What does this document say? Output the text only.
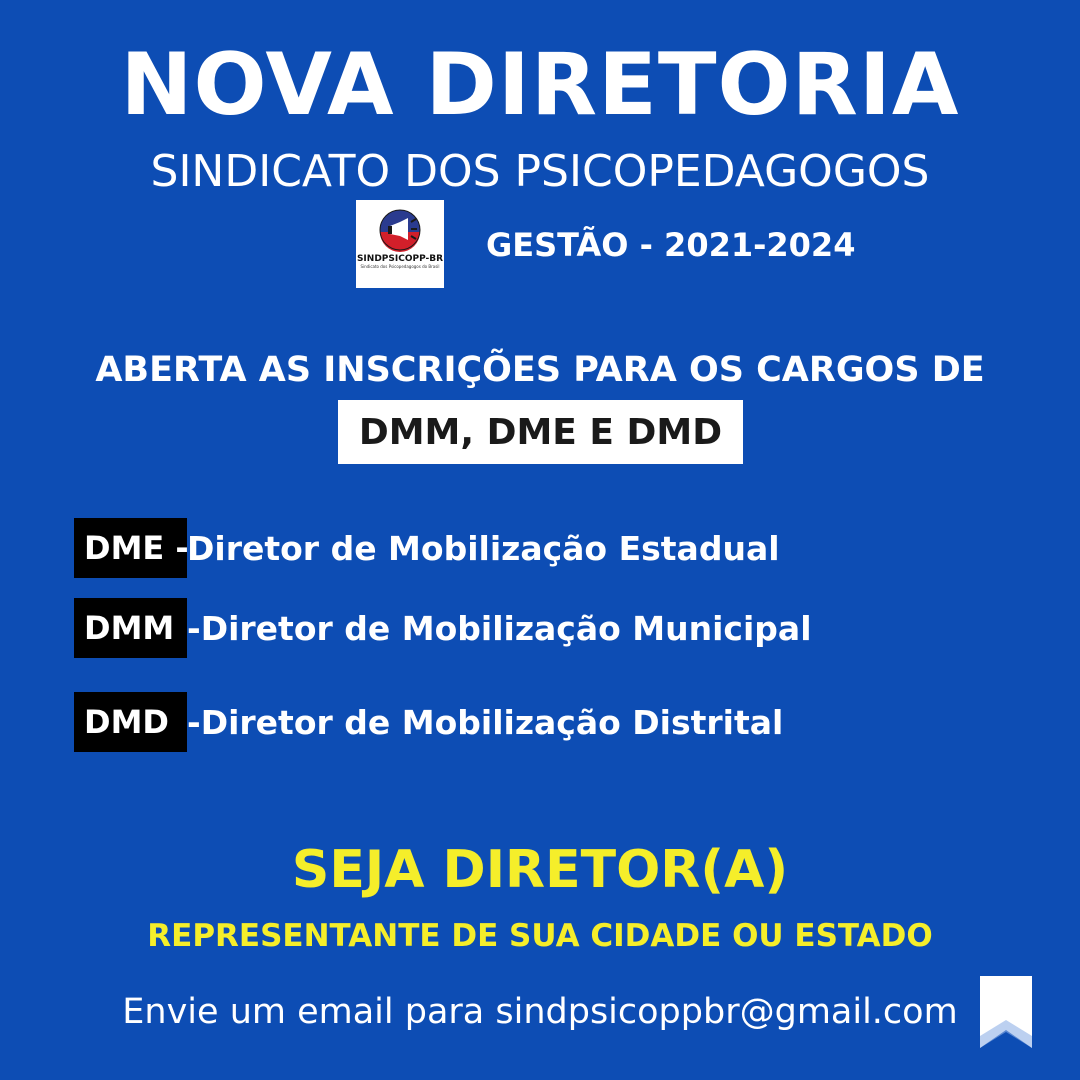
NOVA DIRETORIA
SINDICATO DOS PSICOPEDAGOGOS
SINDPSICOPP-BR
Sindicato dos Psicopedagogos do Brasil
GESTÃO - 2021-2024
ABERTA AS INSCRIÇÕES PARA OS CARGOS DE
DMM, DME E DMD
DME -
Diretor de Mobilização Estadual
DMM -Diretor de Mobilização Municipal
DMD -Diretor de Mobilização Distrital
SEJA DIRETOR(A)
REPRESENTANTE DE SUA CIDADE OU ESTADO
Envie um email para sindpsicoppbr@gmail.com
